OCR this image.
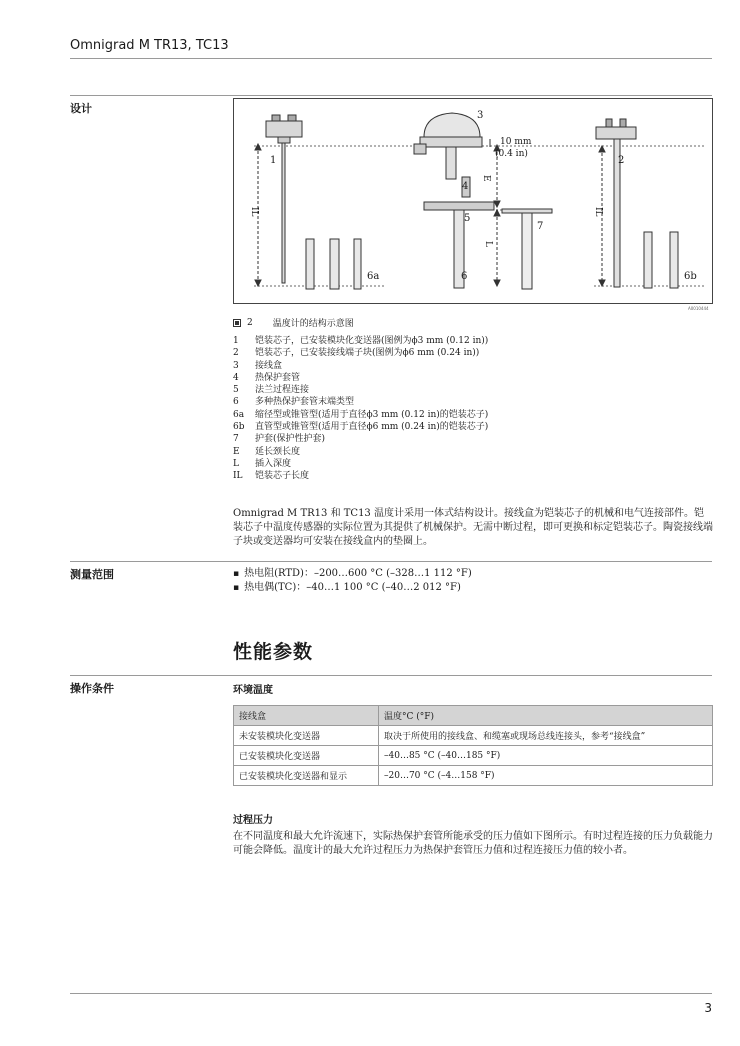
Omnigrad M TR13, TC13
设计
1	2
3
4
5
6
6a	6b
7
10 mm
(0.4 in)
IL	IL
E
L
A0010444
2 温度计的结构示意图
1	铠装芯子，已安装模块化变送器(图例为ϕ3 mm (0.12 in))
2	铠装芯子，已安装接线端子块(图例为ϕ6 mm (0.24 in))
3	接线盒
4	热保护套管
5	法兰过程连接
6	多种热保护套管末端类型
6a	缩径型或锥管型(适用于直径ϕ3 mm (0.12 in)的铠装芯子)
6b	直管型或锥管型(适用于直径ϕ6 mm (0.24 in)的铠装芯子)
7	护套(保护性护套)
E	延长颈长度
L	插入深度
IL	铠装芯子长度
Omnigrad M TR13 和 TC13 温度计采用一体式结构设计。接线盒为铠装芯子的机械和电气连接部件。铠装芯子中温度传感器的实际位置为其提供了机械保护。无需中断过程，即可更换和标定铠装芯子。陶瓷接线端子块或变送器均可安装在接线盒内的垫圈上。
测量范围	▪ 热电阻(RTD)：–200…600 °C (–328…1 112 °F)
▪ 热电偶(TC)：–40…1 100 °C (–40…2 012 °F)
性能参数
操作条件	环境温度
接线盒	温度°C (°F)
未安装模块化变送器	取决于所使用的接线盒、和缆塞或现场总线连接头，参考“接线盒”
已安装模块化变送器	–40…85 °C (–40…185 °F)
已安装模块化变送器和显示	–20…70 °C (–4…158 °F)
过程压力
在不同温度和最大允许流速下，实际热保护套管所能承受的压力值如下图所示。有时过程连接的压力负载能力可能会降低。温度计的最大允许过程压力为热保护套管压力值和过程连接压力值的较小者。
3
